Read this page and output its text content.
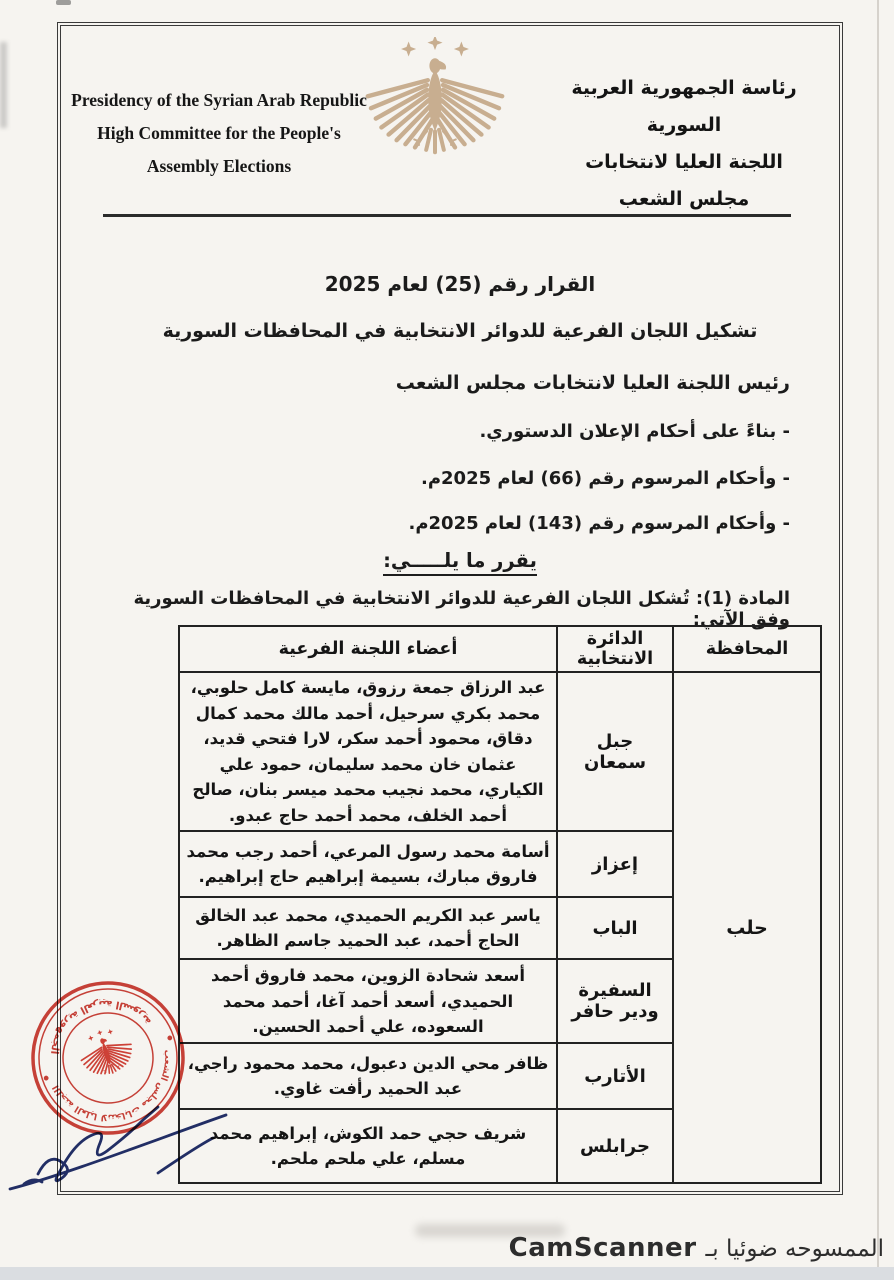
Presidency of the Syrian Arab Republic
High Committee for the People's
Assembly Elections
رئاسة الجمهورية العربية السورية
اللجنة العليا لانتخابات
مجلس الشعب
القرار رقم (25) لعام 2025
تشكيل اللجان الفرعية للدوائر الانتخابية في المحافظات السورية
رئيس اللجنة العليا لانتخابات مجلس الشعب
- بناءً على أحكام الإعلان الدستوري.
- وأحكام المرسوم رقم (66) لعام 2025م.
- وأحكام المرسوم رقم (143) لعام 2025م.
يقرر ما يلـــــي:
المادة (1): تُشكل اللجان الفرعية للدوائر الانتخابية في المحافظات السورية وفق الآتي:
المحافظة	الدائرة الانتخابية	أعضاء اللجنة الفرعية
حلب	جبل سمعان	عبد الرزاق جمعة رزوق، مايسة كامل حلوبي، محمد بكري سرحيل، أحمد مالك محمد كمال دقاق، محمود أحمد سكر، لارا فتحي قديد، عثمان خان محمد سليمان، حمود علي الكياري، محمد نجيب محمد ميسر بنان، صالح أحمد الخلف، محمد أحمد حاج عبدو.
	إعزاز	أسامة محمد رسول المرعي، أحمد رجب محمد فاروق مبارك، بسيمة إبراهيم حاج إبراهيم.
	الباب	ياسر عبد الكريم الحميدي، محمد عبد الخالق الحاج أحمد، عبد الحميد جاسم الظاهر.
	السفيرة ودير حافر	أسعد شحادة الزوين، محمد فاروق أحمد الحميدي، أسعد أحمد آغا، أحمد محمد السعوده، علي أحمد الحسين.
	الأتارب	ظافر محي الدين دعبول، محمد محمود راجي، عبد الحميد رأفت غاوي.
	جرابلس	شريف حجي حمد الكوش، إبراهيم محمد مسلم، علي ملحم ملحم.
الجمهورية العربية السورية	اللجنة العليا لانتخابات مجلس الشعب
الممسوحه ضوئيا بـ
CamScanner
